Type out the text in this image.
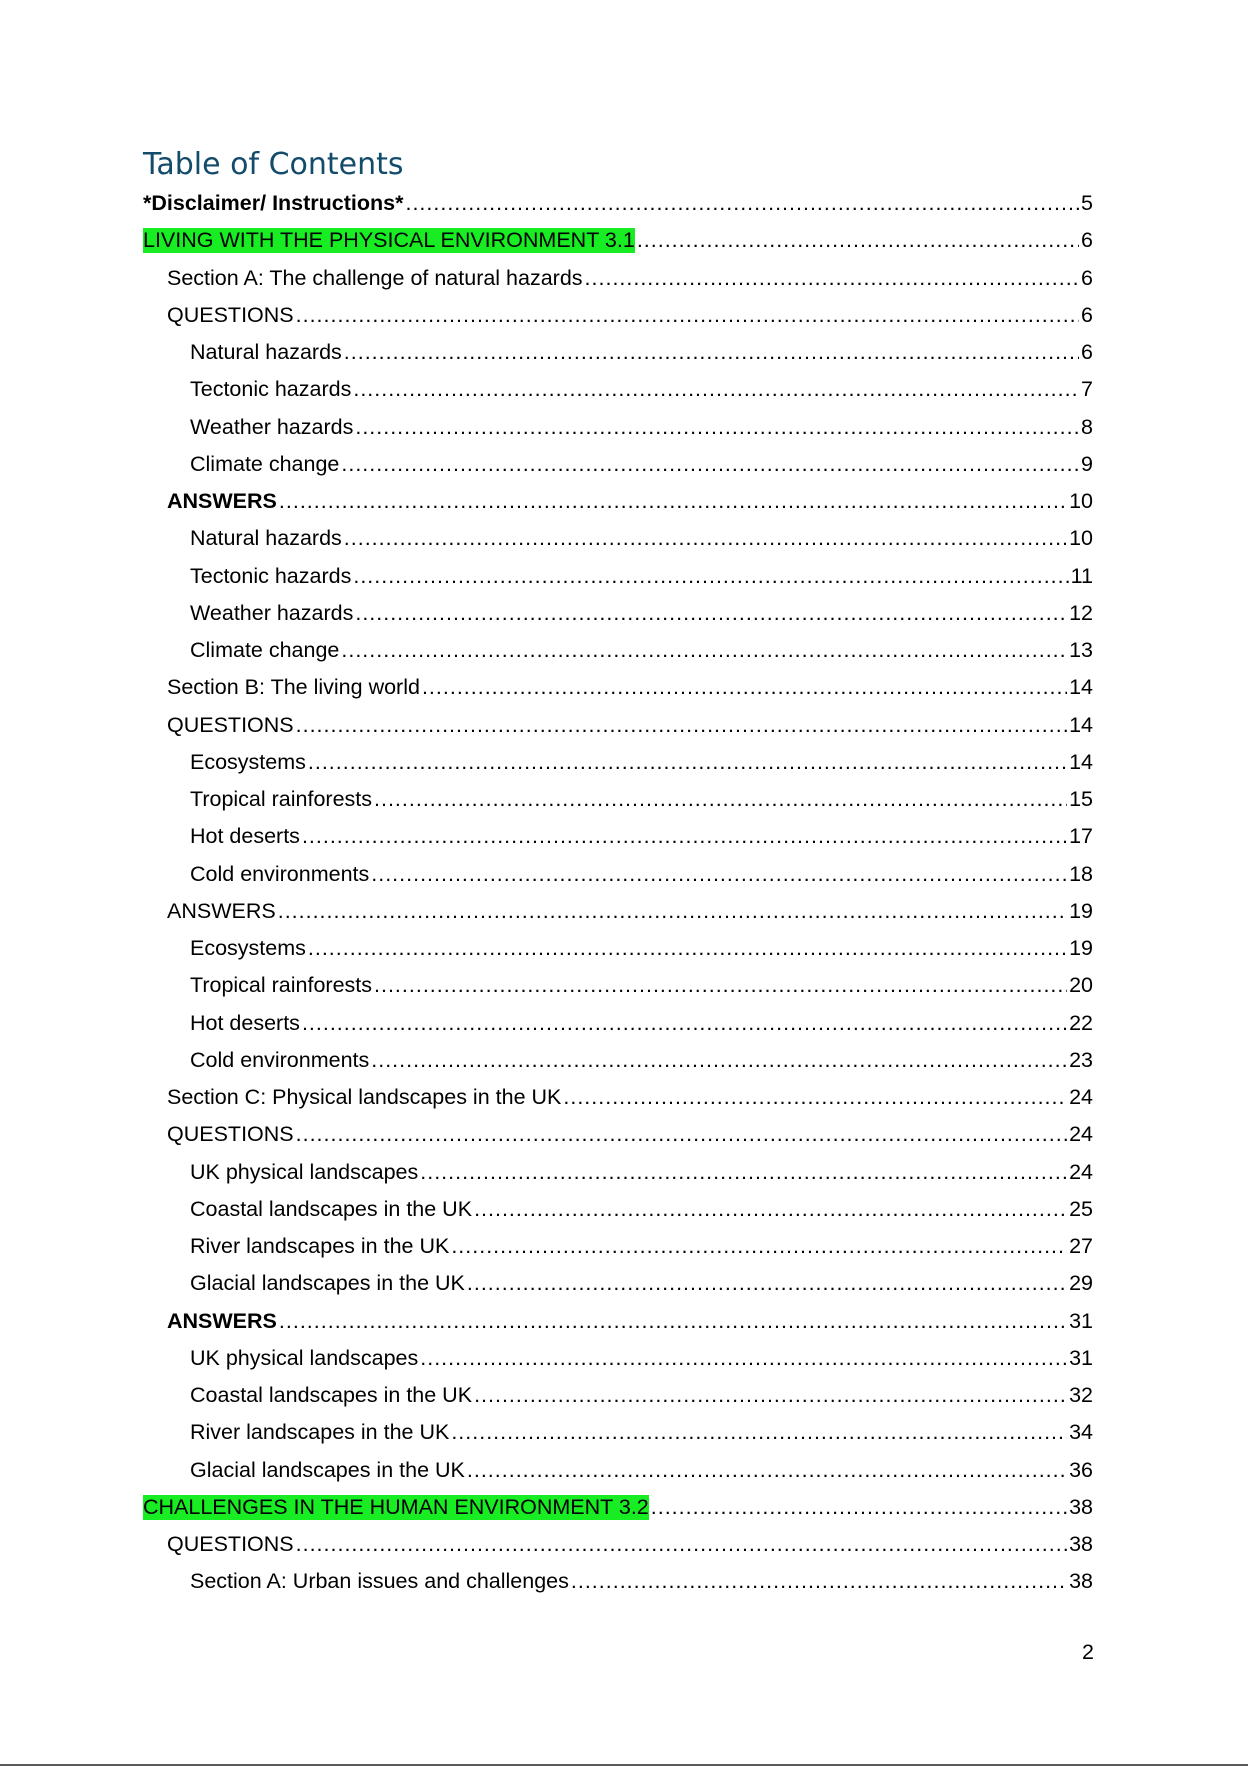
Table of Contents
*Disclaimer/ Instructions* .....	5
LIVING WITH THE PHYSICAL ENVIRONMENT 3.1 .....	6
Section A: The challenge of natural hazards .....	6
QUESTIONS .....	6
Natural hazards .....	6
Tectonic hazards .....	7
Weather hazards .....	8
Climate change .....	9
ANSWERS .....	10
Natural hazards .....	10
Tectonic hazards .....	11
Weather hazards .....	12
Climate change .....	13
Section B: The living world .....	14
QUESTIONS .....	14
Ecosystems .....	14
Tropical rainforests .....	15
Hot deserts .....	17
Cold environments .....	18
ANSWERS .....	19
Ecosystems .....	19
Tropical rainforests .....	20
Hot deserts .....	22
Cold environments .....	23
Section C: Physical landscapes in the UK .....	24
QUESTIONS .....	24
UK physical landscapes .....	24
Coastal landscapes in the UK .....	25
River landscapes in the UK .....	27
Glacial landscapes in the UK .....	29
ANSWERS .....	31
UK physical landscapes .....	31
Coastal landscapes in the UK .....	32
River landscapes in the UK .....	34
Glacial landscapes in the UK .....	36
CHALLENGES IN THE HUMAN ENVIRONMENT 3.2 .....	38
QUESTIONS .....	38
Section A: Urban issues and challenges .....	38
2
